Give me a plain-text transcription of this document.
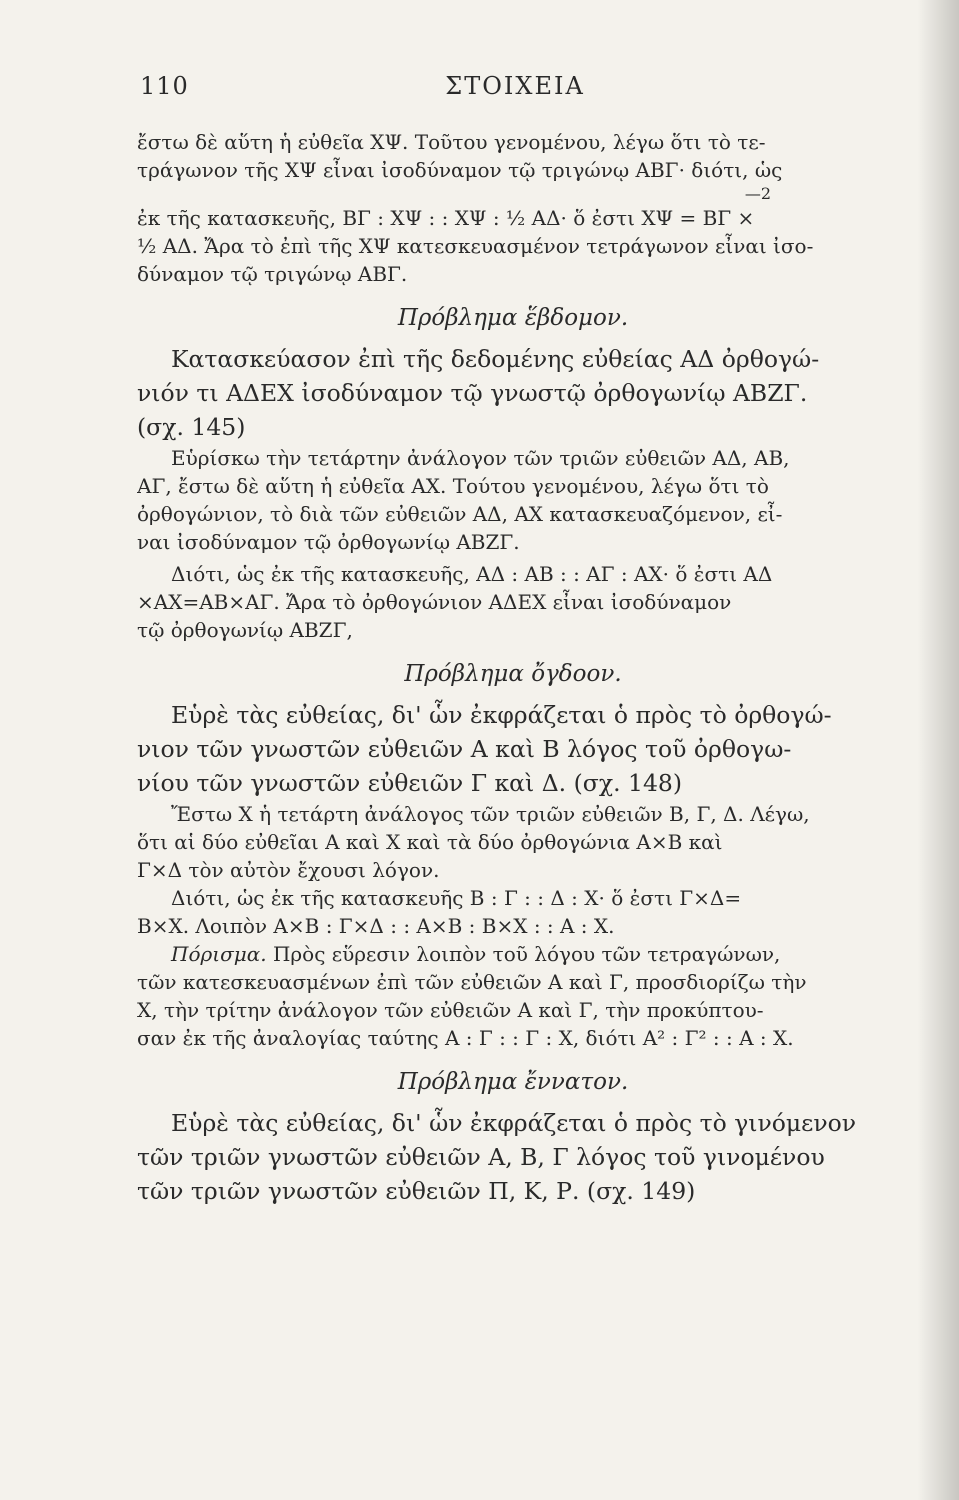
110	ΣΤΟΙΧΕΙΑ
ἔστω δὲ αὕτη ἡ εὐθεῖα ΧΨ. Τοῦτου γενομένου, λέγω ὅτι τὸ τε-
τράγωνον τῆς ΧΨ εἶναι ἰσοδύναμον τῷ τριγώνῳ ΑΒΓ· διότι, ὡς
—2
ἐκ τῆς κατασκευῆς, ΒΓ : ΧΨ : : ΧΨ : ½ ΑΔ· ὅ ἐστι ΧΨ = ΒΓ ×
½ ΑΔ. Ἄρα τὸ ἐπὶ τῆς ΧΨ κατεσκευασμένον τετράγωνον εἶναι ἰσο-
δύναμον τῷ τριγώνῳ ΑΒΓ.
Πρόβλημα ἕβδομον.
Κατασκεύασον ἐπὶ τῆς δεδομένης εὐθείας ΑΔ ὀρθογώ-
νιόν τι ΑΔΕΧ ἰσοδύναμον τῷ γνωστῷ ὀρθογωνίῳ ΑΒΖΓ.
(σχ. 145)
Εὑρίσκω τὴν τετάρτην ἀνάλογον τῶν τριῶν εὐθειῶν ΑΔ, ΑΒ,
ΑΓ, ἔστω δὲ αὕτη ἡ εὐθεῖα ΑΧ. Τούτου γενομένου, λέγω ὅτι τὸ
ὀρθογώνιον, τὸ διὰ τῶν εὐθειῶν ΑΔ, ΑΧ κατασκευαζόμενον, εἶ-
ναι ἰσοδύναμον τῷ ὀρθογωνίῳ ΑΒΖΓ.
Διότι, ὡς ἐκ τῆς κατασκευῆς, ΑΔ : ΑΒ : : ΑΓ : ΑΧ· ὅ ἐστι ΑΔ
×ΑΧ=ΑΒ×ΑΓ. Ἄρα τὸ ὀρθογώνιον ΑΔΕΧ εἶναι ἰσοδύναμον
τῷ ὀρθογωνίῳ ΑΒΖΓ,
Πρόβλημα ὄγδοον.
Εὑρὲ τὰς εὐθείας, δι' ὧν ἐκφράζεται ὁ πρὸς τὸ ὀρθογώ-
νιον τῶν γνωστῶν εὐθειῶν Α καὶ Β λόγος τοῦ ὀρθογω-
νίου τῶν γνωστῶν εὐθειῶν Γ καὶ Δ. (σχ. 148)
Ἔστω Χ ἡ τετάρτη ἀνάλογος τῶν τριῶν εὐθειῶν Β, Γ, Δ. Λέγω,
ὅτι αἱ δύο εὐθεῖαι Α καὶ Χ καὶ τὰ δύο ὀρθογώνια Α×Β καὶ
Γ×Δ τὸν αὐτὸν ἔχουσι λόγον.
Διότι, ὡς ἐκ τῆς κατασκευῆς Β : Γ : : Δ : Χ· ὅ ἐστι Γ×Δ=
Β×Χ. Λοιπὸν Α×Β : Γ×Δ : : Α×Β : Β×Χ : : Α : Χ.
Πόρισμα. Πρὸς εὕρεσιν λοιπὸν τοῦ λόγου τῶν τετραγώνων,
τῶν κατεσκευασμένων ἐπὶ τῶν εὐθειῶν Α καὶ Γ, προσδιορίζω τὴν
Χ, τὴν τρίτην ἀνάλογον τῶν εὐθειῶν Α καὶ Γ, τὴν προκύπτου-
σαν ἐκ τῆς ἀναλογίας ταύτης Α : Γ : : Γ : Χ, διότι Α² : Γ² : : Α : Χ.
Πρόβλημα ἔννατον.
Εὑρὲ τὰς εὐθείας, δι' ὧν ἐκφράζεται ὁ πρὸς τὸ γινόμενον
τῶν τριῶν γνωστῶν εὐθειῶν Α, Β, Γ λόγος τοῦ γινομένου
τῶν τριῶν γνωστῶν εὐθειῶν Π, Κ, Ρ. (σχ. 149)
